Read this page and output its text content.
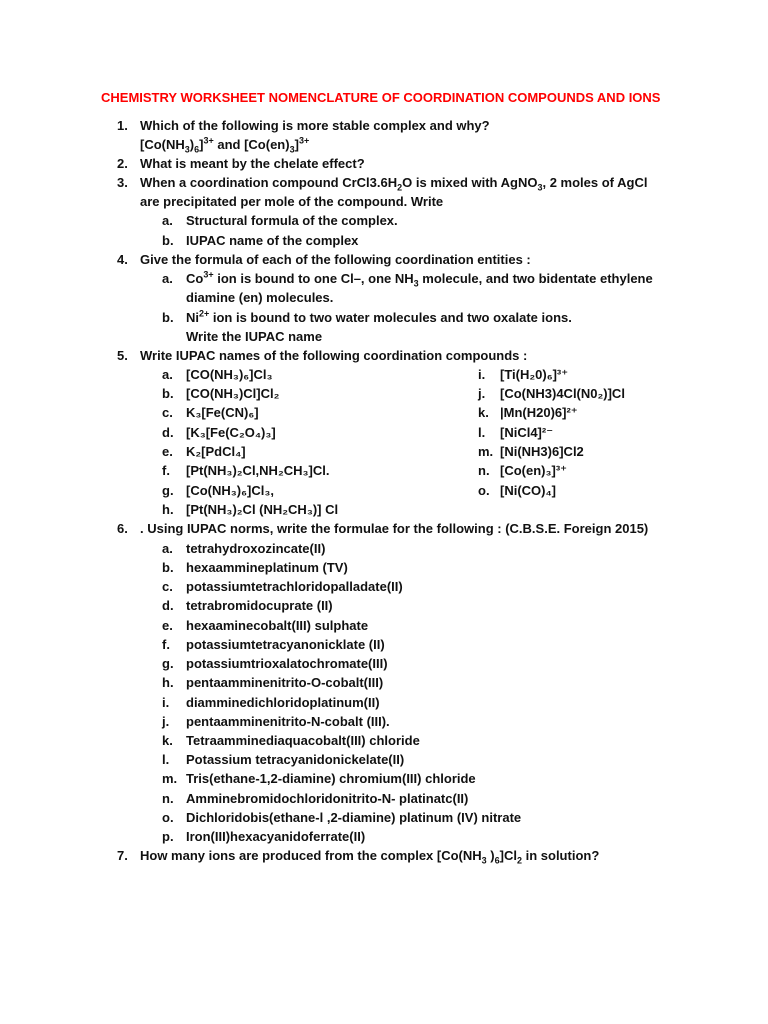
CHEMISTRY WORKSHEET NOMENCLATURE OF COORDINATION COMPOUNDS AND IONS
1. Which of the following is more stable complex and why?
$[Co(NH_3)_6]^{3+}$ and $[Co(en)_3]^{3+}$
2. What is meant by the chelate effect?
3. When a coordination compound $CrCl3.6H_2O$ is mixed with AgNO$_3$, 2 moles of AgCl
are precipitated per mole of the compound. Write
a. Structural formula of the complex.
b. IUPAC name of the complex
4. Give the formula of each of the following coordination entities :
a. $Co^{3+}$ ion is bound to one Cl–, one $NH_3$ molecule, and two bidentate ethylene
diamine (en) molecules.
b. $Ni^{2+}$ ion is bound to two water molecules and two oxalate ions.
Write the IUPAC name
5. Write IUPAC names of the following coordination compounds :
a. [CO(NH₃)₆]Cl₃
b. [CO(NH₃)Cl]Cl₂
c. K₃[Fe(CN)₆]
d. [K₃[Fe(C₂O₄)₃]
e. K₂[PdCl₄]
f. [Pt(NH₃)₂Cl,NH₂CH₃]Cl.
g. [Co(NH₃)₆]Cl₃,
h. [Pt(NH₃)₂Cl (NH₂CH₃)] Cl
i. [Ti(H₂0)₆]³⁺
j. [Co(NH3)4Cl(N0₂)]Cl
k. |Mn(H20)6]²⁺
l. [NiCl4]²⁻
m. [Ni(NH3)6]Cl2
n. [Co(en)₃]³⁺
o. [Ni(CO)₄]
6. . Using IUPAC norms, write the formulae for the following : (C.B.S.E. Foreign 2015)
a. tetrahydroxozincate(II)
b. hexaammineplatinum (TV)
c. potassiumtetrachloridopalladate(II)
d. tetrabromidocuprate (II)
e. hexaaminecobalt(III) sulphate
f. potassiumtetracyanonicklate (II)
g. potassiumtrioxalatochromate(III)
h. pentaamminenitrito-O-cobalt(III)
i. diamminedichloridoplatinum(II)
j. pentaamminenitrito-N-cobalt (III).
k. Tetraamminediaquacobalt(III) chloride
l. Potassium tetracyanidonickelate(II)
m. Tris(ethane-1,2-diamine) chromium(III) chloride
n. Amminebromidochloridonitrito-N- platinatc(II)
o. Dichloridobis(ethane-l ,2-diamine) platinum (IV) nitrate
p. Iron(III)hexacyanidoferrate(II)
7. How many ions are produced from the complex [$Co(NH_3$ )$_6]Cl_2$ in solution?
